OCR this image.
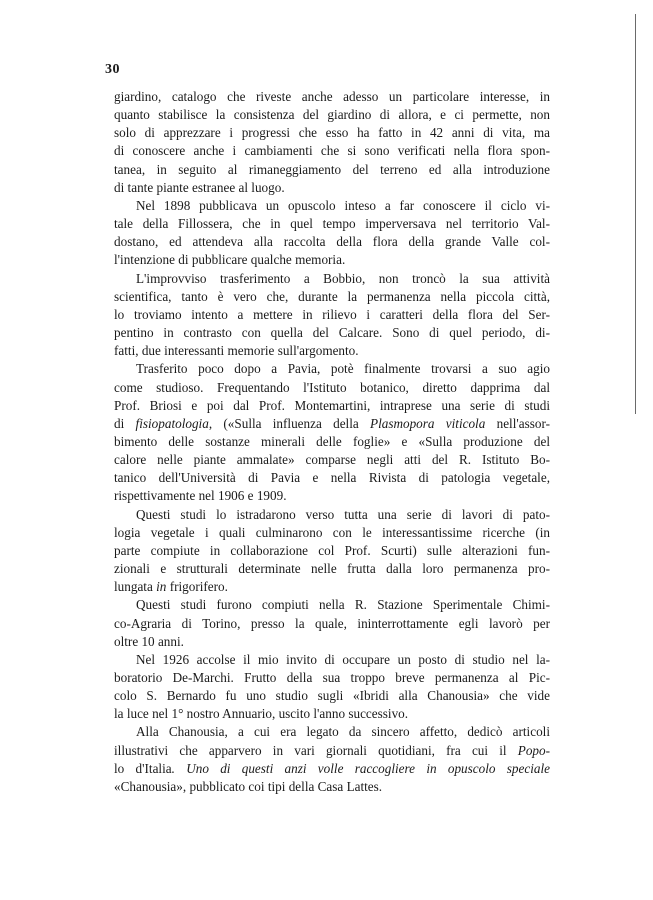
30
giardino, catalogo che riveste anche adesso un particolare interesse, in
quanto stabilisce la consistenza del giardino di allora, e ci permette, non
solo di apprezzare i progressi che esso ha fatto in 42 anni di vita, ma
di conoscere anche i cambiamenti che si sono verificati nella flora spon-
tanea, in seguito al rimaneggiamento del terreno ed alla introduzione
di tante piante estranee al luogo.
Nel 1898 pubblicava un opuscolo inteso a far conoscere il ciclo vi-
tale della Fillossera, che in quel tempo imperversava nel territorio Val-
dostano, ed attendeva alla raccolta della flora della grande Valle col-
l'intenzione di pubblicare qualche memoria.
L'improvviso trasferimento a Bobbio, non troncò la sua attività
scientifica, tanto è vero che, durante la permanenza nella piccola città,
lo troviamo intento a mettere in rilievo i caratteri della flora del Ser-
pentino in contrasto con quella del Calcare. Sono di quel periodo, di-
fatti, due interessanti memorie sull'argomento.
Trasferito poco dopo a Pavia, potè finalmente trovarsi a suo agio
come studioso. Frequentando l'Istituto botanico, diretto dapprima dal
Prof. Briosi e poi dal Prof. Montemartini, intraprese una serie di studi
di fisiopatologia, («Sulla influenza della Plasmopora viticola nell'assor-
bimento delle sostanze minerali delle foglie» e «Sulla produzione del
calore nelle piante ammalate» comparse negli atti del R. Istituto Bo-
tanico dell'Università di Pavia e nella Rivista di patologia vegetale,
rispettivamente nel 1906 e 1909.
Questi studi lo istradarono verso tutta una serie di lavori di pato-
logia vegetale i quali culminarono con le interessantissime ricerche (in
parte compiute in collaborazione col Prof. Scurti) sulle alterazioni fun-
zionali e strutturali determinate nelle frutta dalla loro permanenza pro-
lungata in frigorifero.
Questi studi furono compiuti nella R. Stazione Sperimentale Chimi-
co-Agraria di Torino, presso la quale, ininterrottamente egli lavorò per
oltre 10 anni.
Nel 1926 accolse il mio invito di occupare un posto di studio nel la-
boratorio De-Marchi. Frutto della sua troppo breve permanenza al Pic-
colo S. Bernardo fu uno studio sugli «Ibridi alla Chanousia» che vide
la luce nel 1° nostro Annuario, uscito l'anno successivo.
Alla Chanousia, a cui era legato da sincero affetto, dedicò articoli
illustrativi che apparvero in vari giornali quotidiani, fra cui il Popo-
lo d'Italia. Uno di questi anzi volle raccogliere in opuscolo speciale
«Chanousia», pubblicato coi tipi della Casa Lattes.
